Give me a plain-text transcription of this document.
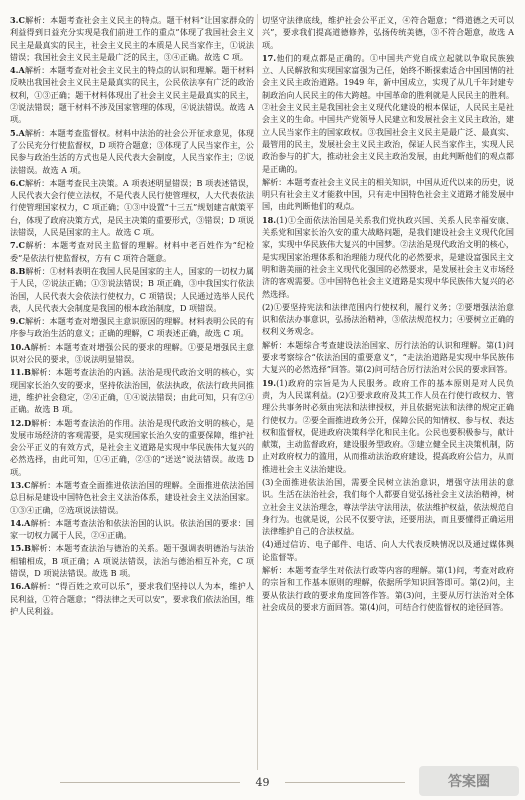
3.C解析：本题考查社会主义民主的特点。题干材料“让国家群众的利益得到日益充分实现是我们前进工作的重点”体现了我国社会主义民主是最真实的民主，社会主义民主的本质是人民当家作主，①说法错误；我国社会主义民主是最广泛的民主，③④正确。故选 C 项。

4.A解析：本题考查对社会主义民主的特点的认识和理解。题干材料反映出我国社会主义民主是最真实的民主，公民依法享有广泛的政治权利，①③正确；题干材料体现出了社会主义民主是最真实的民主，②说法错误；题干材料不涉及国家管理的体现，④说法错误。故选 A 项。

5.A解析：本题考查监督权。材料中法治的社会公开征求意见，体现了公民充分行使监督权，D 项符合题意；③体现了人民当家作主，公民参与政治生活的方式也是人民代表大会制度，人民当家作主；②说法错误。故选 A 项。

6.C解析：本题考查民主决策。A 项表述明显错误；B 项表述错误，人民代表大会行使立法权，不是代表人民行使管理权，人大代表依法行使管理国家权力，C 项正确；①③中设置“十三五”规划建言献策平台，体现了政府决策方式，是民主决策的重要形式，③错误；D 项说法错误，人民是国家的主人。故选 C 项。

7.C解析：本题考查对民主监督的理解。材料中老百姓作为“纪检委”是依法行使监督权，方有 C 项符合题意。

8.B解析：①材料表明在我国人民是国家的主人，国家的一切权力属于人民，②说法正确；①③说法错误；B 项正确，③中我国实行依法治国，人民代表大会依法行使权力，C 项错误；人民通过选举人民代表，人民代表大会制度是我国的根本政治制度，D 项错误。

9.C解析：本题考查对增强民主意识原因的理解。材料表明公民的有序参与政治生活的意义；正确的理解，C 项表述正确，故选 C 项。

10.A解析：本题考查对增强公民的要求的理解。①要是增强民主意识对公民的要求，③说法明显错误。

11.B解析：本题考查法治的内涵。法治是现代政治文明的核心，实现国家长治久安的要求，坚持依法治国，依法执政，依法行政共同推进，维护社会稳定，②④正确，①④说法错误；由此可知，只有②④正确。故选 B 项。

12.D解析：本题考查法治的作用。法治是现代政治文明的核心，是发展市场经济的客观需要，是实现国家长治久安的重要保障，维护社会公平正义的有效方式，是社会主义道路是实现中华民族伟大复兴的必然选择，由此可知，①④正确，②③的“送送”说法错误。故选 D 项。

13.C解析：本题考查全面推进依法治国的理解。全面推进依法治国总目标是建设中国特色社会主义法治体系，建设社会主义法治国家。①③④正确，②选项说法错误。

14.A解析：本题考查法治和依法治国的认识。依法治国的要求：国家一切权力属于人民，②④正确。

15.B解析：本题考查法治与德治的关系。题干强调表明德治与法治相辅相成，B 项正确；A 项说法错误，法治与德治相互补充，C 项错误，D 项说法错误。故选 B 项。

16.A解析：“得百姓之欢可以乐”，要求我们坚持以人为本，维护人民利益，①符合题意；“得法律之天可以安”，要求我们依法治国，维护人民利益。

切坚守法律底线，维护社会公平正义，④符合题意；“得道德之天可以兴”，要求我们提高道德修养，弘扬传统美德，③不符合题意，故选 A 项。

17.他们的观点都是正确的。①中国共产党自成立起就以争取民族独立、人民解放和实现国家富强为己任，始终不断探索适合中国国情的社会主义民主政治道路。1949 年，新中国成立，实现了从几千年封建专制政治向人民民主的伟大跨越。中国革命的胜利就是人民民主的胜利。②社会主义民主是我国社会主义现代化建设的根本保证，人民民主是社会主义的生命。中国共产党领导人民建立和发展社会主义民主政治，建立人民当家作主的国家政权。③我国社会主义民主是最广泛、最真实、最管用的民主，发展社会主义民主政治，保证人民当家作主，实现人民政治参与的扩大，推动社会主义民主政治发展，由此判断他们的观点都是正确的。

解析：本题考查社会主义民主的相关知识，中国从近代以来的历史，说明只有社会主义才能救中国，只有走中国特色社会主义道路才能发展中国，由此判断他们的观点。

18.(1)①全面依法治国是关系我们党执政兴国、关系人民幸福安康、关系党和国家长治久安的重大战略问题，是我们建设社会主义现代化国家，实现中华民族伟大复兴的中国梦。②法治是现代政治文明的核心，是实现国家治理体系和治理能力现代化的必然要求，是建设富强民主文明和谐美丽的社会主义现代化强国的必然要求，是发展社会主义市场经济的客观需要。③中国特色社会主义道路是实现中华民族伟大复兴的必然选择。

(2)①要坚持宪法和法律范围内行使权利，履行义务；②要增强法治意识和依法办事意识，弘扬法治精神，③依法规范权力；④要树立正确的权利义务观念。

解析：本题综合考查建设法治国家、厉行法治的认识和理解。第(1)问要求考察综合“依法治国的重要意义”，“走法治道路是实现中华民族伟大复兴的必然选择”回答。第(2)问可结合厉行法治对公民的要求回答。

19.(1)政府的宗旨是为人民服务。政府工作的基本原则是对人民负责，为人民谋利益。(2)①要求政府及其工作人员在行使行政权力、管理公共事务时必须由宪法和法律授权，并且依据宪法和法律的规定正确行使权力。②要全面推进政务公开，保障公民的知情权、参与权、表达权和监督权，促进政府决策科学化和民主化。公民也要积极参与，献计献策，主动监督政府，建设服务型政府。③建立健全民主决策机制，防止对政府权力的滥用，从而推动法治政府建设，提高政府公信力，从而推进社会主义法治建设。

(3)全面推进依法治国，需要全民树立法治意识，增强守法用法的意识。生活在法治社会，我们每个人都要自觉弘扬社会主义法治精神，树立社会主义法治理念，尊法学法守法用法，依法维护权益，依法规范自身行为。也就是说，公民不仅要守法，还要用法，而且要懂得正确运用法律维护自己的合法权益。

(4)通过信访、电子邮件、电话、向人大代表反映情况以及通过媒体舆论监督等。

解析：本题考查学生对依法行政等内容的理解。第(1)问，考查对政府的宗旨和工作基本原则的理解，依据所学知识回答即可。第(2)问，主要从依法行政的要求角度回答作答。第(3)问，主要从厉行法治对全体社会成员的要求方面回答。第(4)问，可结合行使监督权的途径回答。

49	答案圈
